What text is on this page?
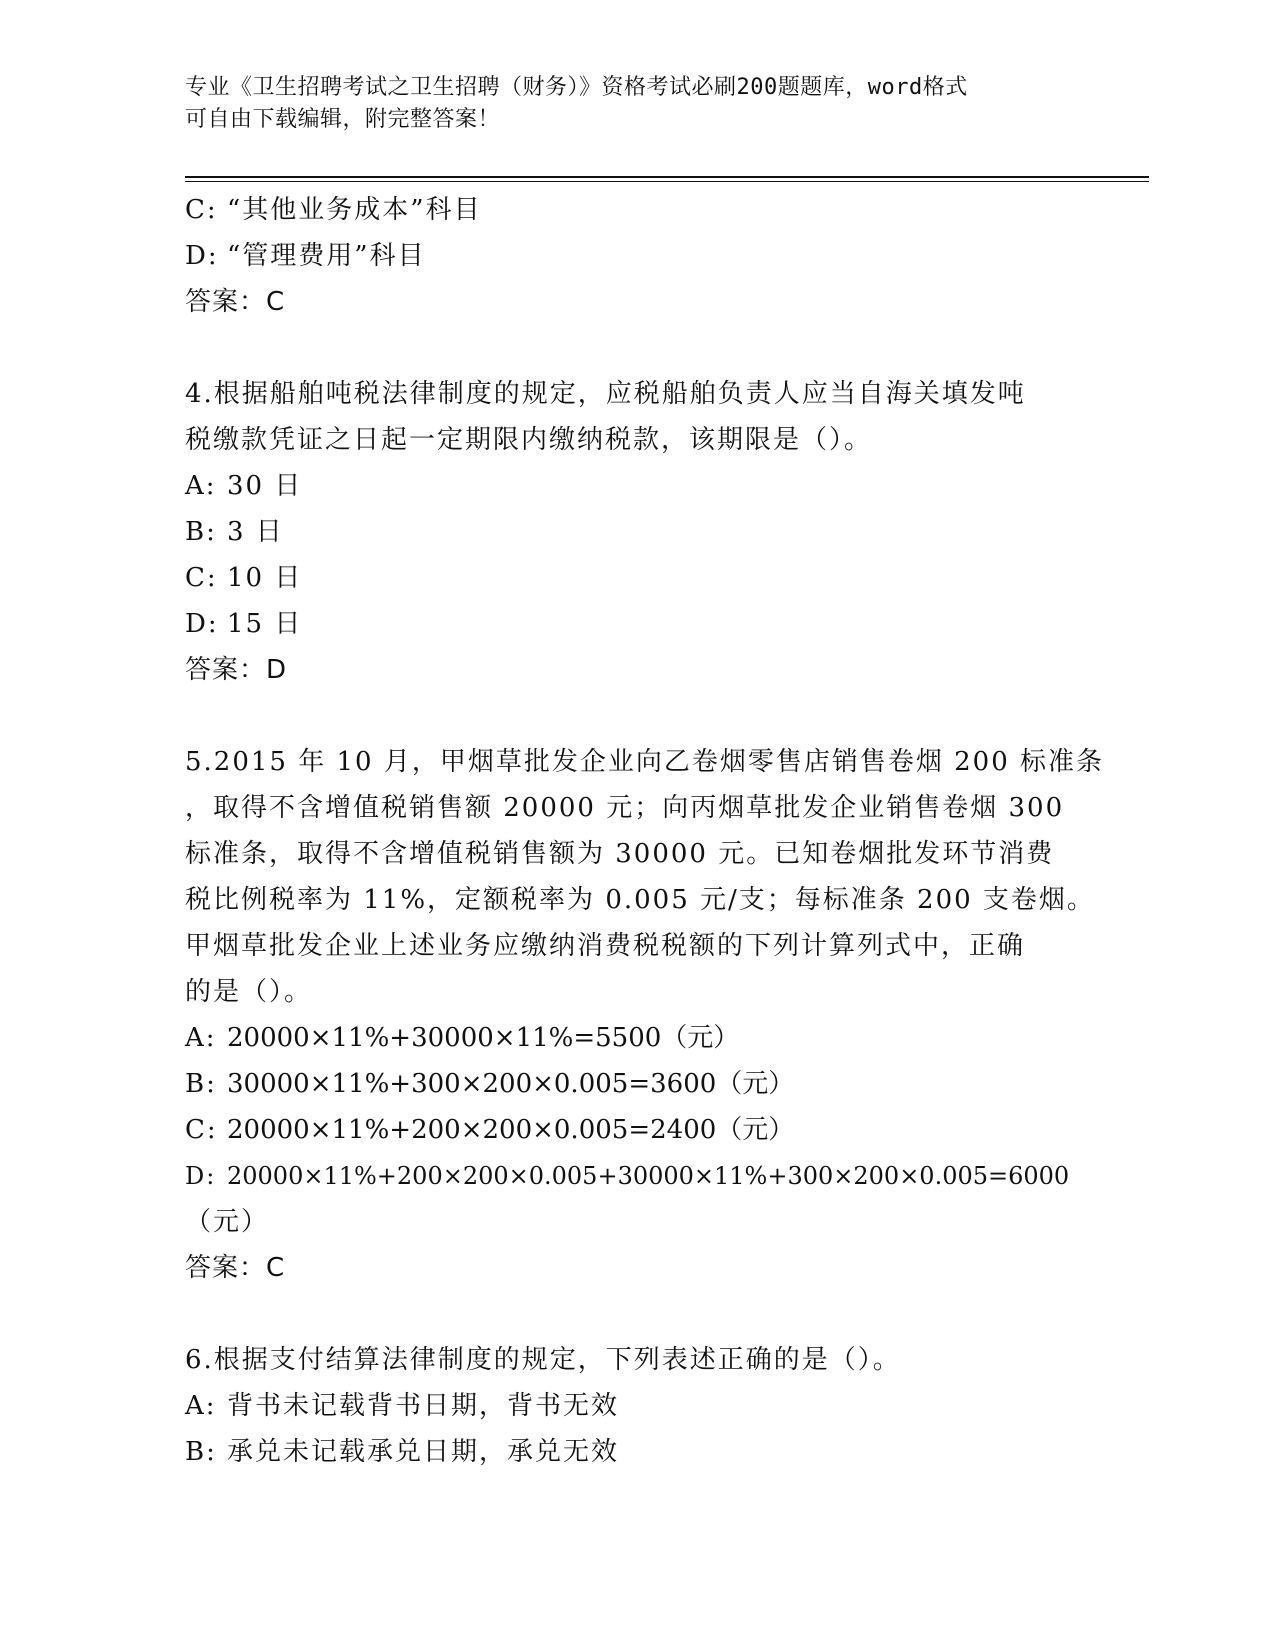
专业《卫生招聘考试之卫生招聘（财务）》资格考试必刷200题题库，word格式
可自由下载编辑，附完整答案！
C: “其他业务成本”科目
D: “管理费用”科目
答案：C
4.根据船舶吨税法律制度的规定，应税船舶负责人应当自海关填发吨
税缴款凭证之日起一定期限内缴纳税款，该期限是（）。
A: 30 日
B: 3 日
C: 10 日
D: 15 日
答案：D
5.2015 年 10 月，甲烟草批发企业向乙卷烟零售店销售卷烟 200 标准条
，取得不含增值税销售额 20000 元；向丙烟草批发企业销售卷烟 300
标准条，取得不含增值税销售额为 30000 元。已知卷烟批发环节消费
税比例税率为 11%，定额税率为 0.005 元/支；每标准条 200 支卷烟。
甲烟草批发企业上述业务应缴纳消费税税额的下列计算列式中，正确
的是（）。
A: 20000×11%+30000×11%=5500（元）
B: 30000×11%+300×200×0.005=3600（元）
C: 20000×11%+200×200×0.005=2400（元）
D: 20000×11%+200×200×0.005+30000×11%+300×200×0.005=6000
（元）
答案：C
6.根据支付结算法律制度的规定，下列表述正确的是（）。
A: 背书未记载背书日期，背书无效
B: 承兑未记载承兑日期，承兑无效
